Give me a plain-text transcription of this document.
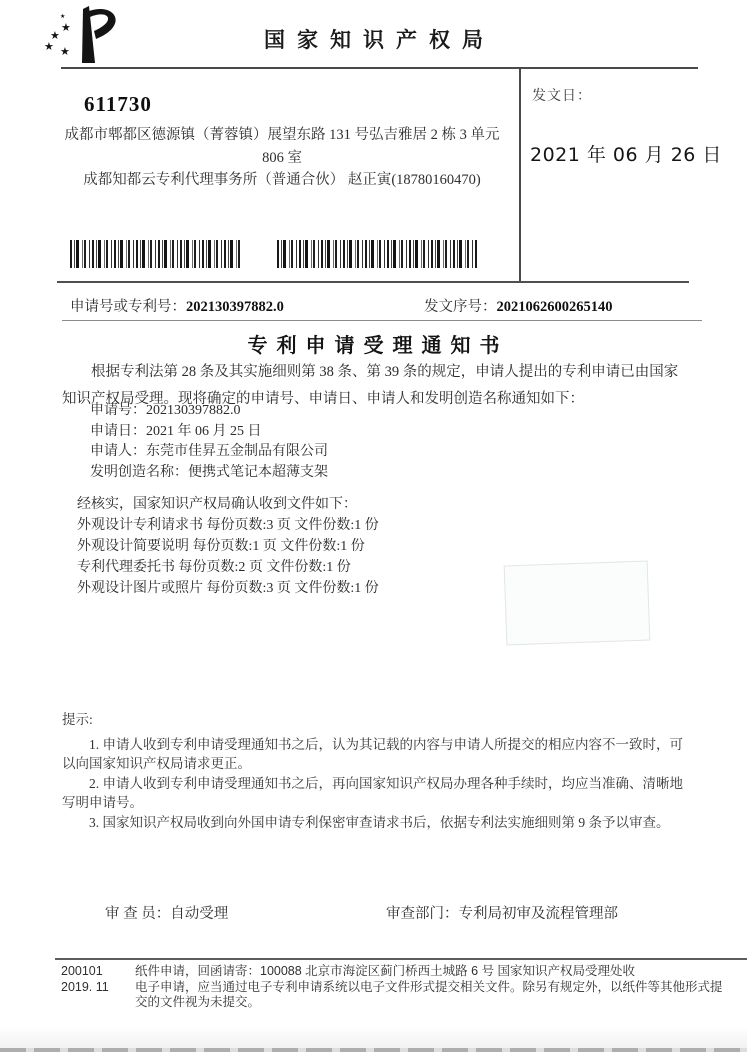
★
★
★
★ ★	国家知识产权局
发文日：
2021 年 06 月 26 日
611730
成都市郫都区德源镇（菁蓉镇）展望东路 131 号弘吉雅居 2 栋 3 单元
806 室
成都知都云专利代理事务所（普通合伙） 赵正寅(18780160470)
申请号或专利号：202130397882.0	发文序号：2021062600265140
专利申请受理通知书
根据专利法第 28 条及其实施细则第 38 条、第 39 条的规定，申请人提出的专利申请已由国家知识产权局受理。现将确定的申请号、申请日、申请人和发明创造名称通知如下：
申请号：202130397882.0
申请日：2021 年 06 月 25 日
申请人：东莞市佳昇五金制品有限公司
发明创造名称：便携式笔记本超薄支架
经核实，国家知识产权局确认收到文件如下：
外观设计专利请求书 每份页数:3 页 文件份数:1 份
外观设计简要说明 每份页数:1 页 文件份数:1 份
专利代理委托书 每份页数:2 页 文件份数:1 份
外观设计图片或照片 每份页数:3 页 文件份数:1 份

提示:

1. 申请人收到专利申请受理通知书之后，认为其记载的内容与申请人所提交的相应内容不一致时，可以向国家知识产权局请求更正。

2. 申请人收到专利申请受理通知书之后，再向国家知识产权局办理各种手续时，均应当准确、清晰地写明申请号。

3. 国家知识产权局收到向外国申请专利保密审查请求书后，依据专利法实施细则第 9 条予以审查。

审 查 员：自动受理	审查部门：专利局初审及流程管理部
200101	纸件申请，回函请寄：100088 北京市海淀区蓟门桥西土城路 6 号 国家知识产权局受理处收
2019. 11	电子申请，应当通过电子专利申请系统以电子文件形式提交相关文件。除另有规定外，以纸件等其他形式提交的文件视为未提交。
